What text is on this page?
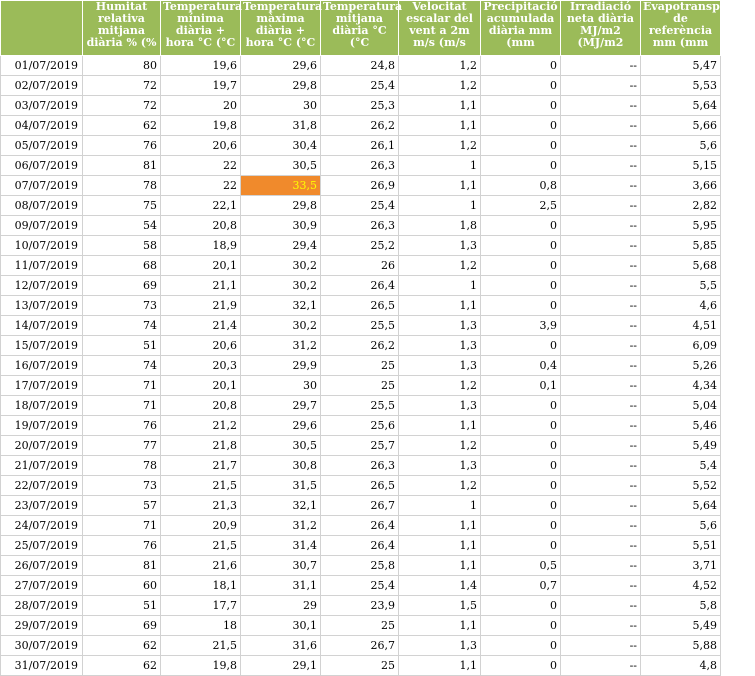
	Humitat relativa mitjana diària % (%	Temperatura mínima diària + hora °C (°C	Temperatura màxima diària + hora °C (°C	Temperatura mitjana diària °C (°C	Velocitat escalar del vent a 2m m/s (m/s	Precipitació acumulada diària mm (mm	Irradiació neta diària MJ/m2 (MJ/m2	Evapotranspiració de referència mm (mm
01/07/2019	80	19,6	29,6	24,8	1,2	0	--	5,47
02/07/2019	72	19,7	29,8	25,4	1,2	0	--	5,53
03/07/2019	72	20	30	25,3	1,1	0	--	5,64
04/07/2019	62	19,8	31,8	26,2	1,1	0	--	5,66
05/07/2019	76	20,6	30,4	26,1	1,2	0	--	5,6
06/07/2019	81	22	30,5	26,3	1	0	--	5,15
07/07/2019	78	22	33,5	26,9	1,1	0,8	--	3,66
08/07/2019	75	22,1	29,8	25,4	1	2,5	--	2,82
09/07/2019	54	20,8	30,9	26,3	1,8	0	--	5,95
10/07/2019	58	18,9	29,4	25,2	1,3	0	--	5,85
11/07/2019	68	20,1	30,2	26	1,2	0	--	5,68
12/07/2019	69	21,1	30,2	26,4	1	0	--	5,5
13/07/2019	73	21,9	32,1	26,5	1,1	0	--	4,6
14/07/2019	74	21,4	30,2	25,5	1,3	3,9	--	4,51
15/07/2019	51	20,6	31,2	26,2	1,3	0	--	6,09
16/07/2019	74	20,3	29,9	25	1,3	0,4	--	5,26
17/07/2019	71	20,1	30	25	1,2	0,1	--	4,34
18/07/2019	71	20,8	29,7	25,5	1,3	0	--	5,04
19/07/2019	76	21,2	29,6	25,6	1,1	0	--	5,46
20/07/2019	77	21,8	30,5	25,7	1,2	0	--	5,49
21/07/2019	78	21,7	30,8	26,3	1,3	0	--	5,4
22/07/2019	73	21,5	31,5	26,5	1,2	0	--	5,52
23/07/2019	57	21,3	32,1	26,7	1	0	--	5,64
24/07/2019	71	20,9	31,2	26,4	1,1	0	--	5,6
25/07/2019	76	21,5	31,4	26,4	1,1	0	--	5,51
26/07/2019	81	21,6	30,7	25,8	1,1	0,5	--	3,71
27/07/2019	60	18,1	31,1	25,4	1,4	0,7	--	4,52
28/07/2019	51	17,7	29	23,9	1,5	0	--	5,8
29/07/2019	69	18	30,1	25	1,1	0	--	5,49
30/07/2019	62	21,5	31,6	26,7	1,3	0	--	5,88
31/07/2019	62	19,8	29,1	25	1,1	0	--	4,8
